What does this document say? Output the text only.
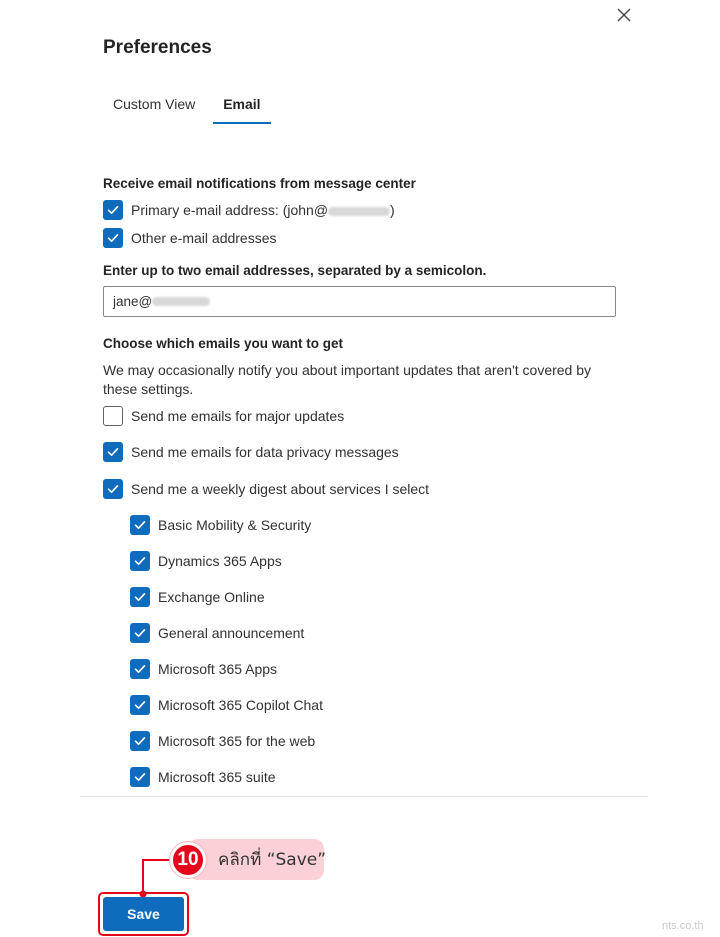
Preferences
Custom View	Email
Receive email notifications from message center
Primary e-mail address: (john@	)
Other e-mail addresses
Enter up to two email addresses, separated by a semicolon.
jane@
Choose which emails you want to get
We may occasionally notify you about important updates that aren't covered by these settings.
Send me emails for major updates
Send me emails for data privacy messages
Send me a weekly digest about services I select
Basic Mobility & Security
Dynamics 365 Apps
Exchange Online
General announcement
Microsoft 365 Apps
Microsoft 365 Copilot Chat
Microsoft 365 for the web
Microsoft 365 suite
10	คลิกที่ “Save”
Save
nts.co.th
